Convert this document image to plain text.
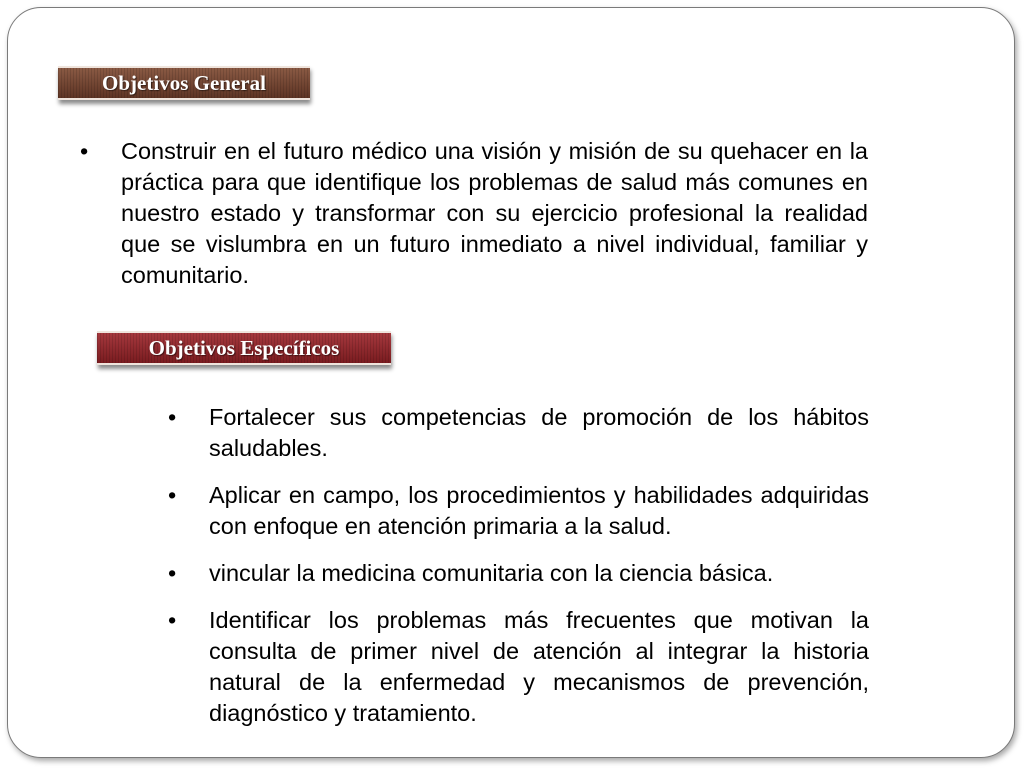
Objetivos General
• Construir en el futuro médico una visión y misión de su quehacer en la práctica para que identifique los problemas de salud más comunes en nuestro estado y transformar con su ejercicio profesional la realidad que se vislumbra en un futuro inmediato a nivel individual, familiar y comunitario.
Objetivos Específicos
• Fortalecer sus competencias de promoción de los hábitos saludables.
• Aplicar en campo, los procedimientos y habilidades adquiridas con enfoque en atención primaria a la salud.
• vincular la medicina comunitaria con la ciencia básica.
• Identificar los problemas más frecuentes que motivan la consulta de primer nivel de atención al integrar la historia natural de la enfermedad y mecanismos de prevención, diagnóstico y tratamiento.
